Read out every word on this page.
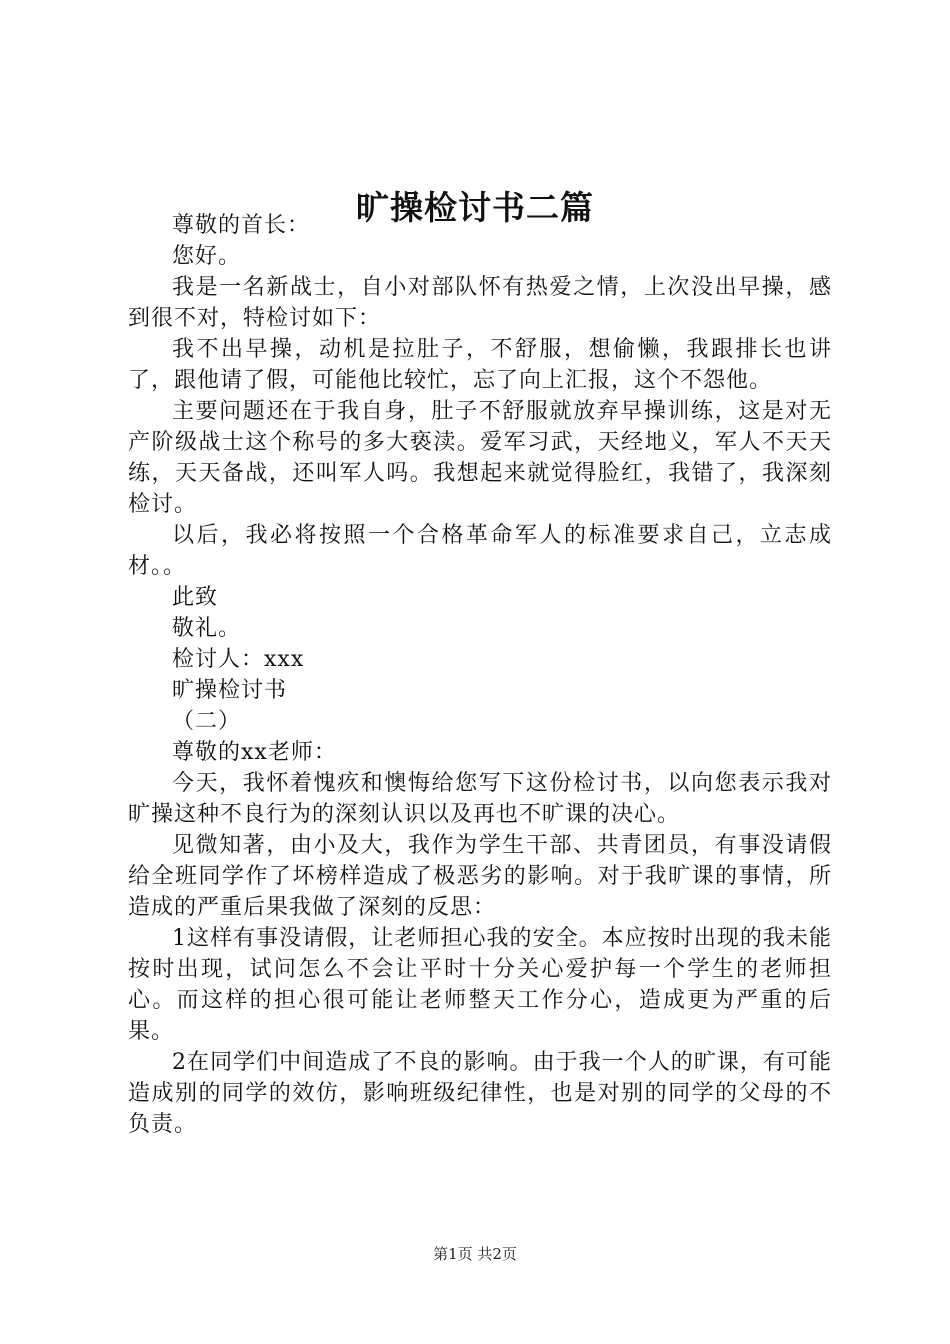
旷操检讨书二篇

尊敬的首长：

您好。

我是一名新战士，自小对部队怀有热爱之情，上次没出早操，感到很不对，特检讨如下：

我不出早操，动机是拉肚子，不舒服，想偷懒，我跟排长也讲了，跟他请了假，可能他比较忙，忘了向上汇报，这个不怨他。

主要问题还在于我自身，肚子不舒服就放弃早操训练，这是对无产阶级战士这个称号的多大亵渎。爱军习武，天经地义，军人不天天练，天天备战，还叫军人吗。我想起来就觉得脸红，我错了，我深刻检讨。

以后，我必将按照一个合格革命军人的标准要求自己，立志成材。。

此致

敬礼。

检讨人：xxx

旷操检讨书

（二）

尊敬的xx老师：

今天，我怀着愧疚和懊悔给您写下这份检讨书，以向您表示我对旷操这种不良行为的深刻认识以及再也不旷课的决心。

见微知著，由小及大，我作为学生干部、共青团员，有事没请假给全班同学作了坏榜样造成了极恶劣的影响。对于我旷课的事情，所造成的严重后果我做了深刻的反思：

1这样有事没请假，让老师担心我的安全。本应按时出现的我未能按时出现，试问怎么不会让平时十分关心爱护每一个学生的老师担心。而这样的担心很可能让老师整天工作分心，造成更为严重的后果。

2在同学们中间造成了不良的影响。由于我一个人的旷课，有可能造成别的同学的效仿，影响班级纪律性，也是对别的同学的父母的不负责。

第1页 共2页
